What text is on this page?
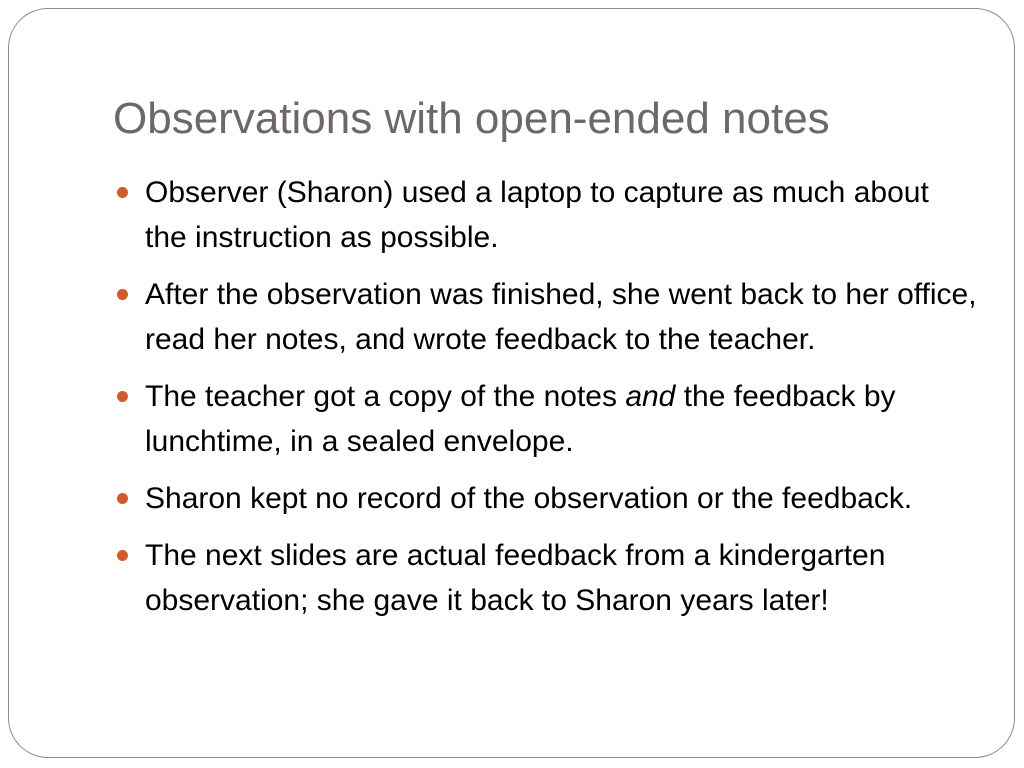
Observations with open-ended notes
Observer (Sharon) used a laptop to capture as much about the instruction as possible.
After the observation was finished, she went back to her office, read her notes, and wrote feedback to the teacher.
The teacher got a copy of the notes and the feedback by lunchtime, in a sealed envelope.
Sharon kept no record of the observation or the feedback.
The next slides are actual feedback from a kindergarten observation; she gave it back to Sharon years later!
